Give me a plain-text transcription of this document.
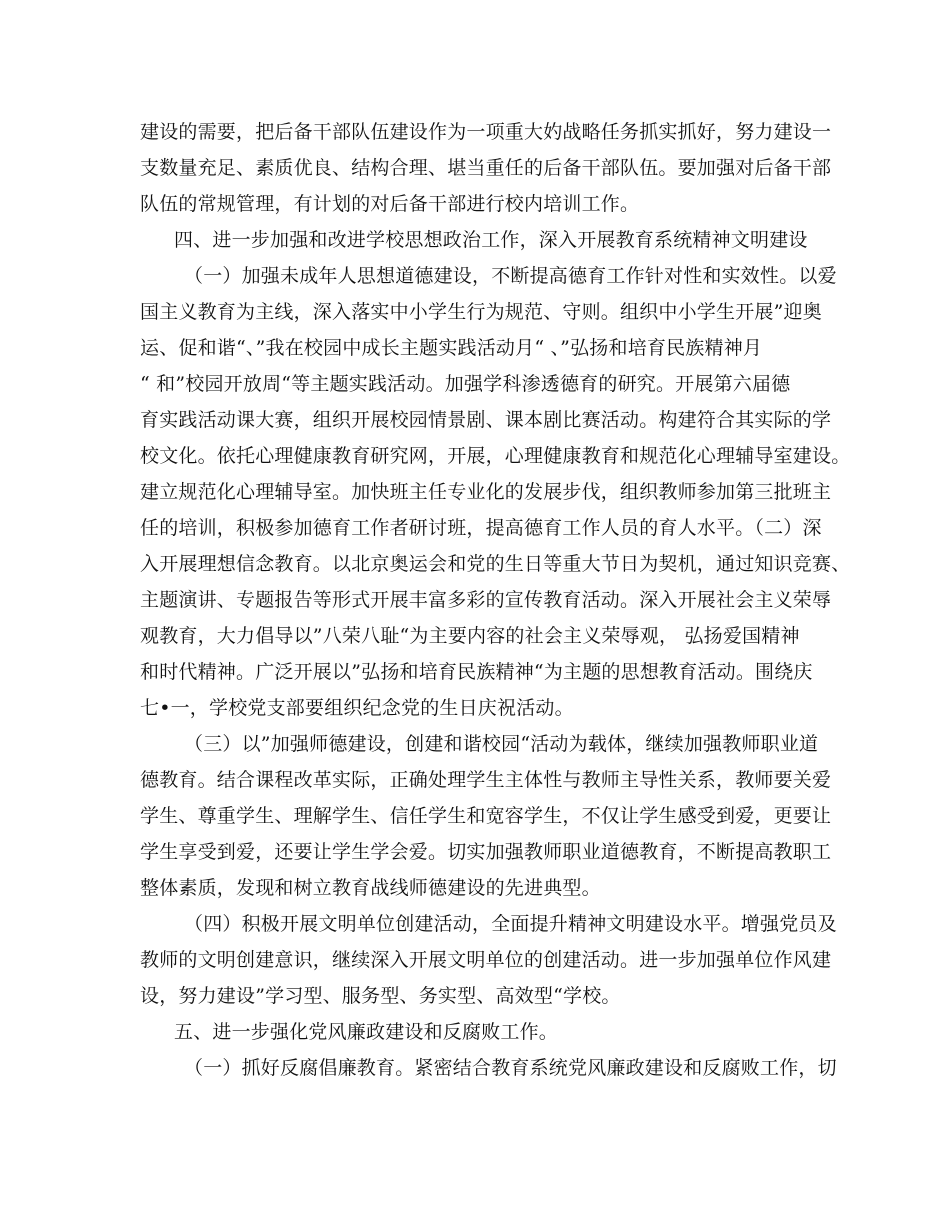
建设的需要，把后备干部队伍建设作为一项重大妁战略任务抓实抓好，努力建设一
支数量充足、素质优良、结构合理、堪当重任的后备干部队伍。要加强对后备干部
队伍的常规管理，有计划的对后备干部进行校内培训工作。
四、进一步加强和改进学校思想政治工作，深入开展教育系统精神文明建设
（一）加强未成年人思想道德建设，不断提高德育工作针对性和实效性。以爱
国主义教育为主线，深入落实中小学生行为规范、守则。组织中小学生开展”迎奥
运、促和谐“、”我在校园中成长主题实践活动月“ 、”弘扬和培育民族精神月
“ 和”校园开放周“等主题实践活动。加强学科渗透德育的研究。开展第六届德
育实践活动课大赛，组织开展校园情景剧、课本剧比赛活动。构建符合其实际的学
校文化。依托心理健康教育研究网，开展，心理健康教育和规范化心理辅导室建设。
建立规范化心理辅导室。加快班主任专业化的发展步伐，组织教师参加第三批班主
任的培训，积极参加德育工作者研讨班，提高德育工作人员的育人水平。（二）深
入开展理想信念教育。以北京奥运会和党的生日等重大节日为契机，通过知识竞赛、
主题演讲、专题报告等形式开展丰富多彩的宣传教育活动。深入开展社会主义荣辱
观教育，大力倡导以”八荣八耻“为主要内容的社会主义荣辱观， 弘扬爱国精神
和时代精神。广泛开展以”弘扬和培育民族精神“为主题的思想教育活动。围绕庆
七•一，学校党支部要组织纪念党的生日庆祝活动。
（三）以”加强师德建设，创建和谐校园“活动为载体，继续加强教师职业道
德教育。结合课程改革实际，正确处理学生主体性与教师主导性关系，教师要关爱
学生、尊重学生、理解学生、信任学生和宽容学生，不仅让学生感受到爱，更要让
学生享受到爱，还要让学生学会爱。切实加强教师职业道德教育，不断提高教职工
整体素质，发现和树立教育战线师德建设的先进典型。
（四）积极开展文明单位创建活动，全面提升精神文明建设水平。增强党员及
教师的文明创建意识，继续深入开展文明单位的创建活动。进一步加强单位作风建
设，努力建设”学习型、服务型、务实型、高效型“学校。
五、进一步强化党风廉政建设和反腐败工作。
（一）抓好反腐倡廉教育。紧密结合教育系统党风廉政建设和反腐败工作，切
